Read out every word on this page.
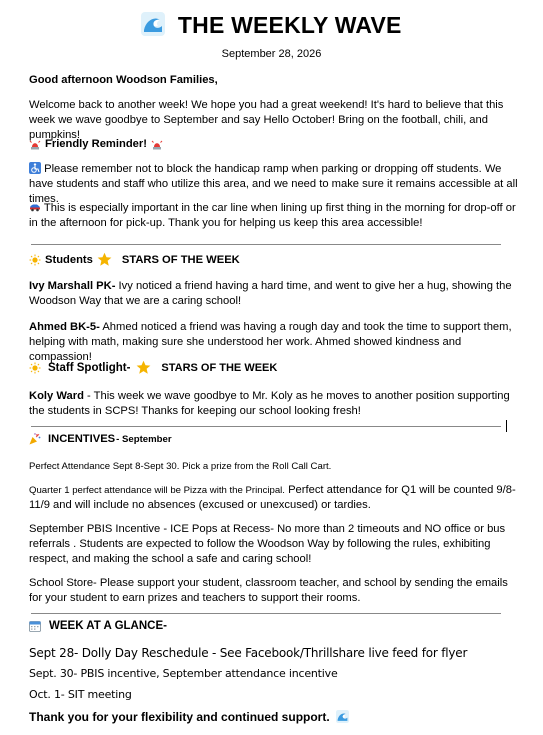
THE WEEKLY WAVE
September 28, 2026

Good afternoon Woodson Families,

Welcome back to another week! We hope you had a great weekend! It's hard to believe that this week we wave goodbye to September and say Hello October! Bring on the football, chili, and pumpkins!

Friendly Reminder!

Please remember not to block the handicap ramp when parking or dropping off students. We have students and staff who utilize this area, and we need to make sure it remains accessible at all times.

This is especially important in the car line when lining up first thing in the morning for drop-off or in the afternoon for pick-up. Thank you for helping us keep this area accessible!

Students	STARS OF THE WEEK

Ivy Marshall PK- Ivy noticed a friend having a hard time, and went to give her a hug, showing the Woodson Way that we are a caring school!

Ahmed BK-5- Ahmed noticed a friend was having a rough day and took the time to support them, helping with math, making sure she understood her work. Ahmed showed kindness and compassion!

Staff Spotlight-	STARS OF THE WEEK

Koly Ward - This week we wave goodbye to Mr. Koly as he moves to another position supporting the students in SCPS! Thanks for keeping our school looking fresh!

INCENTIVES - September

Perfect Attendance Sept 8-Sept 30. Pick a prize from the Roll Call Cart.

Quarter 1 perfect attendance will be Pizza with the Principal. Perfect attendance for Q1 will be counted 9/8-11/9 and will include no absences (excused or unexcused) or tardies.

September PBIS Incentive - ICE Pops at Recess- No more than 2 timeouts and NO office or bus referrals . Students are expected to follow the Woodson Way by following the rules, exhibiting respect, and making the school a safe and caring school!

School Store- Please support your student, classroom teacher, and school by sending the emails for your student to earn prizes and teachers to support their rooms.

WEEK AT A GLANCE-
Sept 28- Dolly Day Reschedule - See Facebook/Thrillshare live feed for flyer
Sept. 30- PBIS incentive, September attendance incentive
Oct. 1- SIT meeting
Thank you for your flexibility and continued support.
